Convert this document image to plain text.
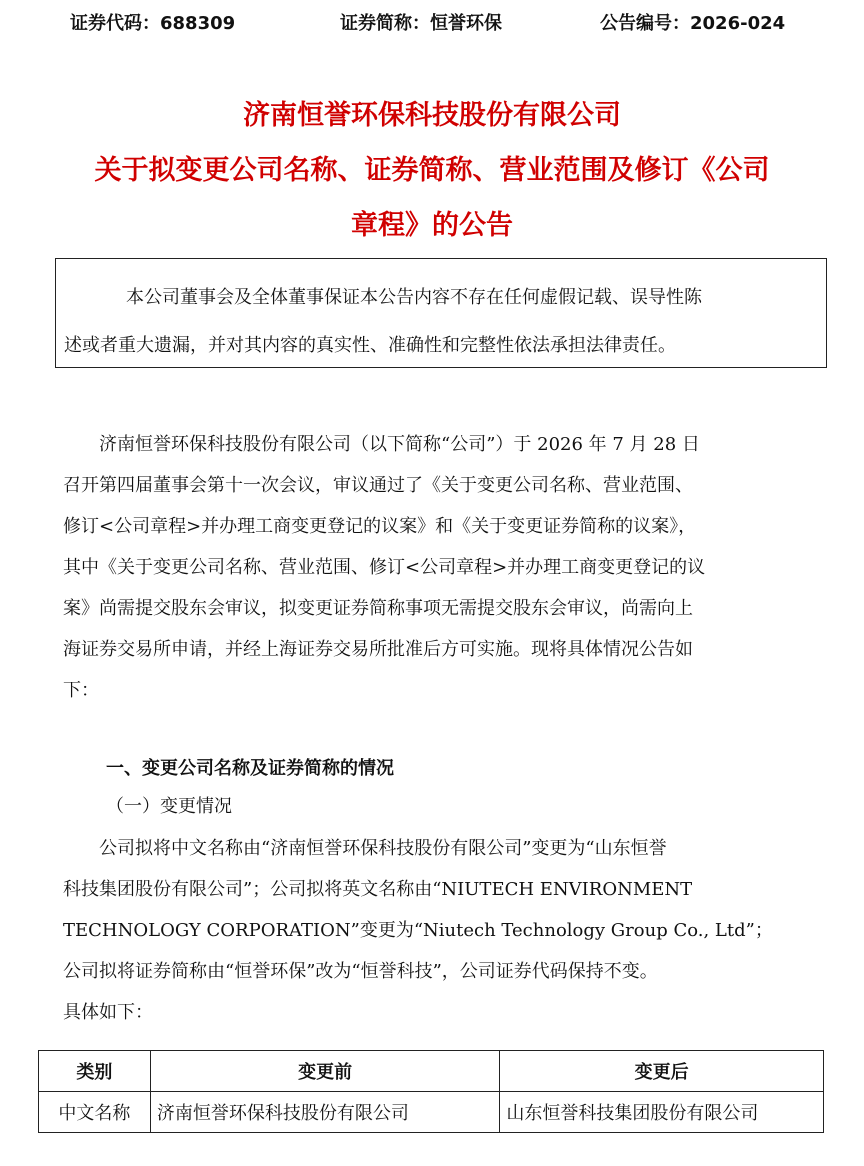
证券代码：688309	证券简称：恒誉环保	公告编号：2026-024
济南恒誉环保科技股份有限公司
关于拟变更公司名称、证券简称、营业范围及修订《公司
章程》的公告
本公司董事会及全体董事保证本公告内容不存在任何虚假记载、误导性陈
述或者重大遗漏，并对其内容的真实性、准确性和完整性依法承担法律责任。
　　济南恒誉环保科技股份有限公司（以下简称“公司”）于 2026 年 7 月 28 日
召开第四届董事会第十一次会议，审议通过了《关于变更公司名称、营业范围、
修订<公司章程>并办理工商变更登记的议案》和《关于变更证券简称的议案》，
其中《关于变更公司名称、营业范围、修订<公司章程>并办理工商变更登记的议
案》尚需提交股东会审议，拟变更证券简称事项无需提交股东会审议，尚需向上
海证券交易所申请，并经上海证券交易所批准后方可实施。现将具体情况公告如
下：
一、变更公司名称及证券简称的情况
（一）变更情况
　　公司拟将中文名称由“济南恒誉环保科技股份有限公司”变更为“山东恒誉
科技集团股份有限公司”；公司拟将英文名称由“NIUTECH ENVIRONMENT
TECHNOLOGY CORPORATION”变更为“Niutech Technology Group Co., Ltd”；
公司拟将证券简称由“恒誉环保”改为“恒誉科技”，公司证券代码保持不变。
具体如下：
类别	变更前	变更后
中文名称	济南恒誉环保科技股份有限公司	山东恒誉科技集团股份有限公司
